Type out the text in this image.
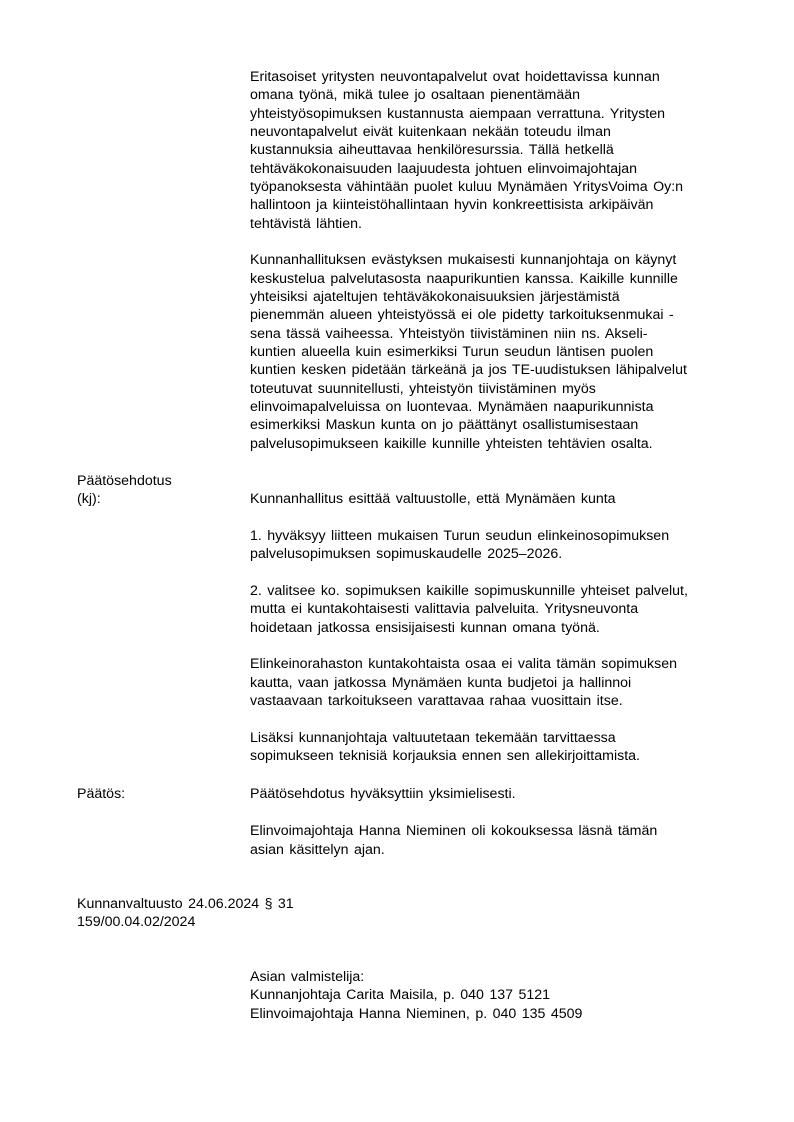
Eritasoiset yritysten neuvontapalvelut ovat hoidettavissa kunnan
omana työnä, mikä tulee jo osaltaan pienentämään
yhteistyösopimuksen kustannusta aiempaan verrattuna. Yritysten
neuvontapalvelut eivät kuitenkaan nekään toteudu ilman
kustannuksia aiheuttavaa henkilöresurssia. Tällä hetkellä
tehtäväkokonaisuuden laajuudesta johtuen elinvoimajohtajan
työpanoksesta vähintään puolet kuluu Mynämäen YritysVoima Oy:n
hallintoon ja kiinteistöhallintaan hyvin konkreettisista arkipäivän
tehtävistä lähtien.
Kunnanhallituksen evästyksen mukaisesti kunnanjohtaja on käynyt
keskustelua palvelutasosta naapurikuntien kanssa. Kaikille kunnille
yhteisiksi ajateltujen tehtäväkokonaisuuksien järjestämistä
pienemmän alueen yhteistyössä ei ole pidetty tarkoituksenmukai -
sena tässä vaiheessa. Yhteistyön tiivistäminen niin ns. Akseli-
kuntien alueella kuin esimerkiksi Turun seudun läntisen puolen
kuntien kesken pidetään tärkeänä ja jos TE-uudistuksen lähipalvelut
toteutuvat suunnitellusti, yhteistyön tiivistäminen myös
elinvoimapalveluissa on luontevaa. Mynämäen naapurikunnista
esimerkiksi Maskun kunta on jo päättänyt osallistumisestaan
palvelusopimukseen kaikille kunnille yhteisten tehtävien osalta.
Päätösehdotus
(kj):	Kunnanhallitus esittää valtuustolle, että Mynämäen kunta
1. hyväksyy liitteen mukaisen Turun seudun elinkeinosopimuksen
palvelusopimuksen sopimuskaudelle 2025–2026.
2. valitsee ko. sopimuksen kaikille sopimuskunnille yhteiset palvelut,
mutta ei kuntakohtaisesti valittavia palveluita. Yritysneuvonta
hoidetaan jatkossa ensisijaisesti kunnan omana työnä.
Elinkeinorahaston kuntakohtaista osaa ei valita tämän sopimuksen
kautta, vaan jatkossa Mynämäen kunta budjetoi ja hallinnoi
vastaavaan tarkoitukseen varattavaa rahaa vuosittain itse.
Lisäksi kunnanjohtaja valtuutetaan tekemään tarvittaessa
sopimukseen teknisiä korjauksia ennen sen allekirjoittamista.
Päätös:	Päätösehdotus hyväksyttiin yksimielisesti.
Elinvoimajohtaja Hanna Nieminen oli kokouksessa läsnä tämän
asian käsittelyn ajan.
Kunnanvaltuusto 24.06.2024 § 31
159/00.04.02/2024
Asian valmistelija:
Kunnanjohtaja Carita Maisila, p. 040 137 5121
Elinvoimajohtaja Hanna Nieminen, p. 040 135 4509
